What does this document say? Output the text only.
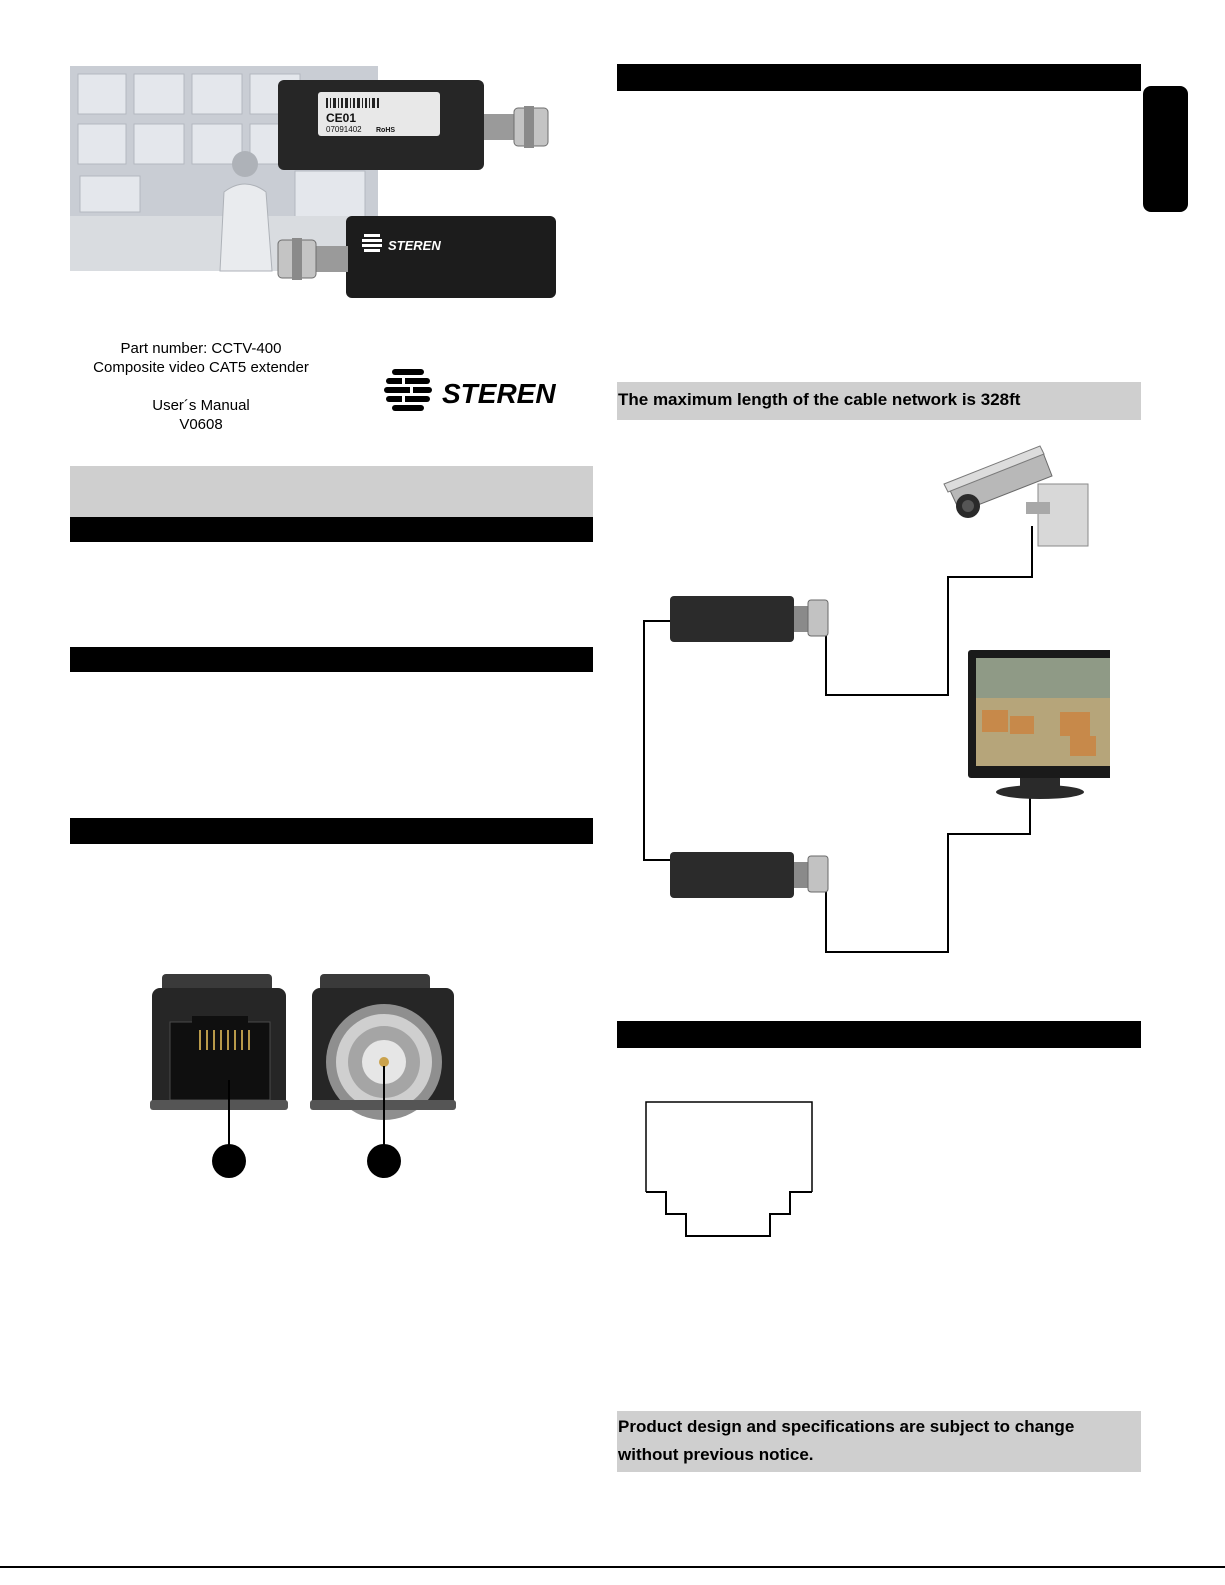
CE01
07091402 RoHS
STEREN
Part number: CCTV-400
Composite video CAT5 extender
User´s Manual
V0608
STEREN	The maximum length of the cable network is 328ft
Product design and specifications are subject to change
without previous notice.
